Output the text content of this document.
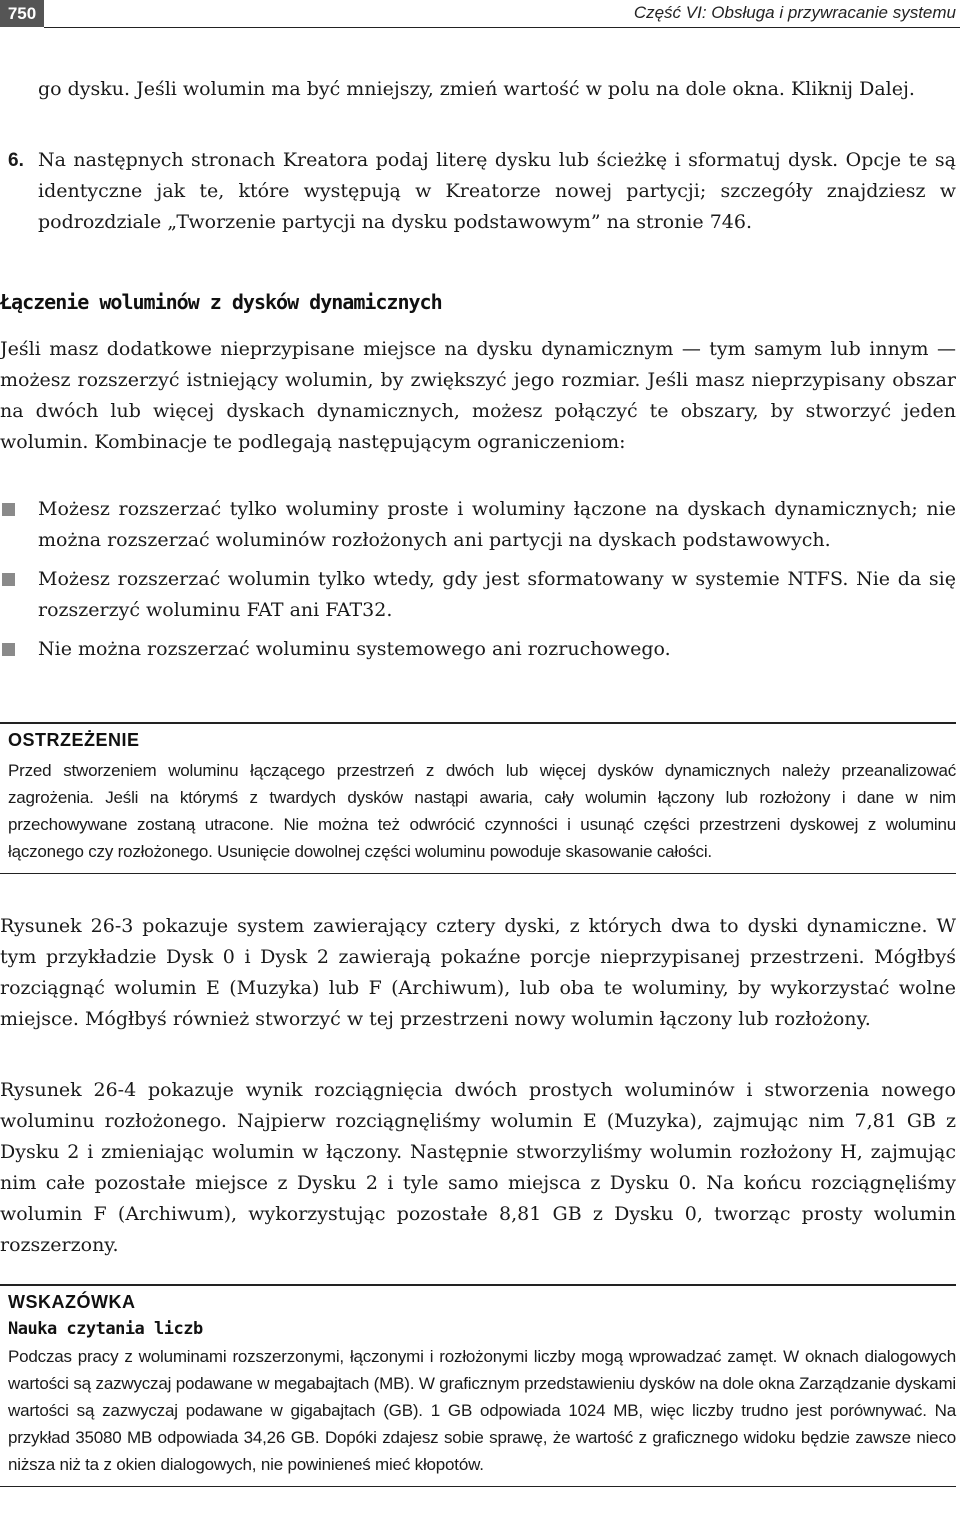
750	Część VI: Obsługa i przywracanie systemu

go dysku. Jeśli wolumin ma być mniejszy, zmień wartość w polu na dole okna. Kliknij Dalej.

6. Na następnych stronach Kreatora podaj literę dysku lub ścieżkę i sformatuj dysk. Opcje te są identyczne jak te, które występują w Kreatorze nowej partycji; szczegóły znajdziesz w podrozdziale „Tworzenie partycji na dysku podstawowym” na stronie 746.

Łączenie woluminów z dysków dynamicznych

Jeśli masz dodatkowe nieprzypisane miejsce na dysku dynamicznym — tym samym lub innym — możesz rozszerzyć istniejący wolumin, by zwiększyć jego rozmiar. Jeśli masz nieprzypisany obszar na dwóch lub więcej dyskach dynamicznych, możesz połączyć te obszary, by stworzyć jeden wolumin. Kombinacje te podlegają następującym ograniczeniom:

Możesz rozszerzać tylko woluminy proste i woluminy łączone na dyskach dynamicznych; nie można rozszerzać woluminów rozłożonych ani partycji na dyskach podstawowych.

Możesz rozszerzać wolumin tylko wtedy, gdy jest sformatowany w systemie NTFS. Nie da się rozszerzyć woluminu FAT ani FAT32.

Nie można rozszerzać woluminu systemowego ani rozruchowego.

OSTRZEŻENIE

Przed stworzeniem woluminu łączącego przestrzeń z dwóch lub więcej dysków dynamicznych należy przeanalizować zagrożenia. Jeśli na którymś z twardych dysków nastąpi awaria, cały wolumin łączony lub rozłożony i dane w nim przechowywane zostaną utracone. Nie można też odwrócić czynności i usunąć części przestrzeni dyskowej z woluminu łączonego czy rozłożonego. Usunięcie dowolnej części woluminu powoduje skasowanie całości.

Rysunek 26-3 pokazuje system zawierający cztery dyski, z których dwa to dyski dynamiczne. W tym przykładzie Dysk 0 i Dysk 2 zawierają pokaźne porcje nieprzypisanej przestrzeni. Mógłbyś rozciągnąć wolumin E (Muzyka) lub F (Archiwum), lub oba te woluminy, by wykorzystać wolne miejsce. Mógłbyś również stworzyć w tej przestrzeni nowy wolumin łączony lub rozłożony.

Rysunek 26-4 pokazuje wynik rozciągnięcia dwóch prostych woluminów i stworzenia nowego woluminu rozłożonego. Najpierw rozciągnęliśmy wolumin E (Muzyka), zajmując nim 7,81 GB z Dysku 2 i zmieniając wolumin w łączony. Następnie stworzyliśmy wolumin rozłożony H, zajmując nim całe pozostałe miejsce z Dysku 2 i tyle samo miejsca z Dysku 0. Na końcu rozciągnęliśmy wolumin F (Archiwum), wykorzystując pozostałe 8,81 GB z Dysku 0, tworząc prosty wolumin rozszerzony.

WSKAZÓWKA
Nauka czytania liczb

Podczas pracy z woluminami rozszerzonymi, łączonymi i rozłożonymi liczby mogą wprowadzać zamęt. W oknach dialogowych wartości są zazwyczaj podawane w megabajtach (MB). W graficznym przedstawieniu dysków na dole okna Zarządzanie dyskami wartości są zazwyczaj podawane w gigabajtach (GB). 1 GB odpowiada 1024 MB, więc liczby trudno jest porównywać. Na przykład 35080 MB odpowiada 34,26 GB. Dopóki zdajesz sobie sprawę, że wartość z graficznego widoku będzie zawsze nieco niższa niż ta z okien dialogowych, nie powinieneś mieć kłopotów.
